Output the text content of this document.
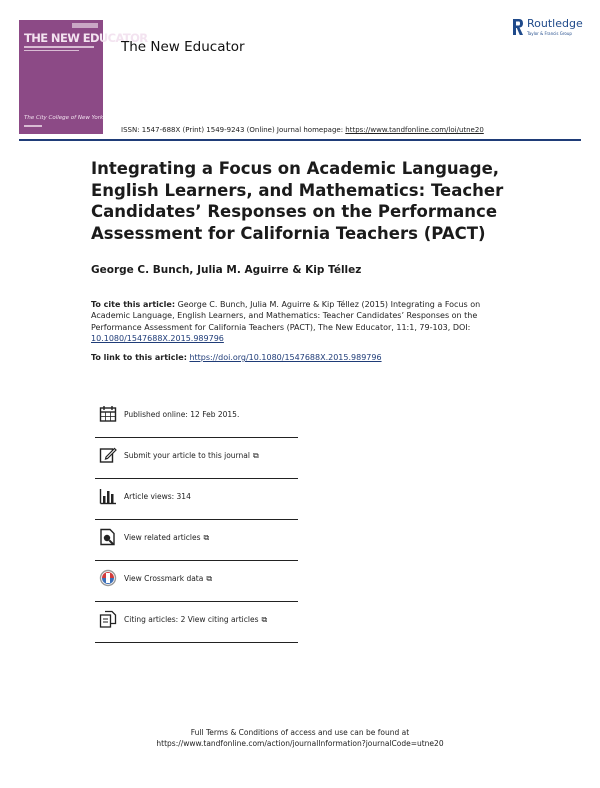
THE NEW EDUCATOR
The City College of New York
The New Educator
Routledge
Taylor & Francis Group
ISSN: 1547-688X (Print) 1549-9243 (Online) Journal homepage: https://www.tandfonline.com/loi/utne20
Integrating a Focus on Academic Language, English Learners, and Mathematics: Teacher Candidates’ Responses on the Performance Assessment for California Teachers (PACT)
George C. Bunch, Julia M. Aguirre & Kip Téllez
To cite this article: George C. Bunch, Julia M. Aguirre & Kip Téllez (2015) Integrating a Focus on Academic Language, English Learners, and Mathematics: Teacher Candidates’ Responses on the Performance Assessment for California Teachers (PACT), The New Educator, 11:1, 79-103, DOI: 10.1080/1547688X.2015.989796
To link to this article: https://doi.org/10.1080/1547688X.2015.989796
Published online: 12 Feb 2015.
Submit your article to this journal ⧉
Article views: 314
View related articles ⧉
View Crossmark data ⧉
Citing articles: 2 View citing articles ⧉
Full Terms & Conditions of access and use can be found at
https://www.tandfonline.com/action/journalInformation?journalCode=utne20
